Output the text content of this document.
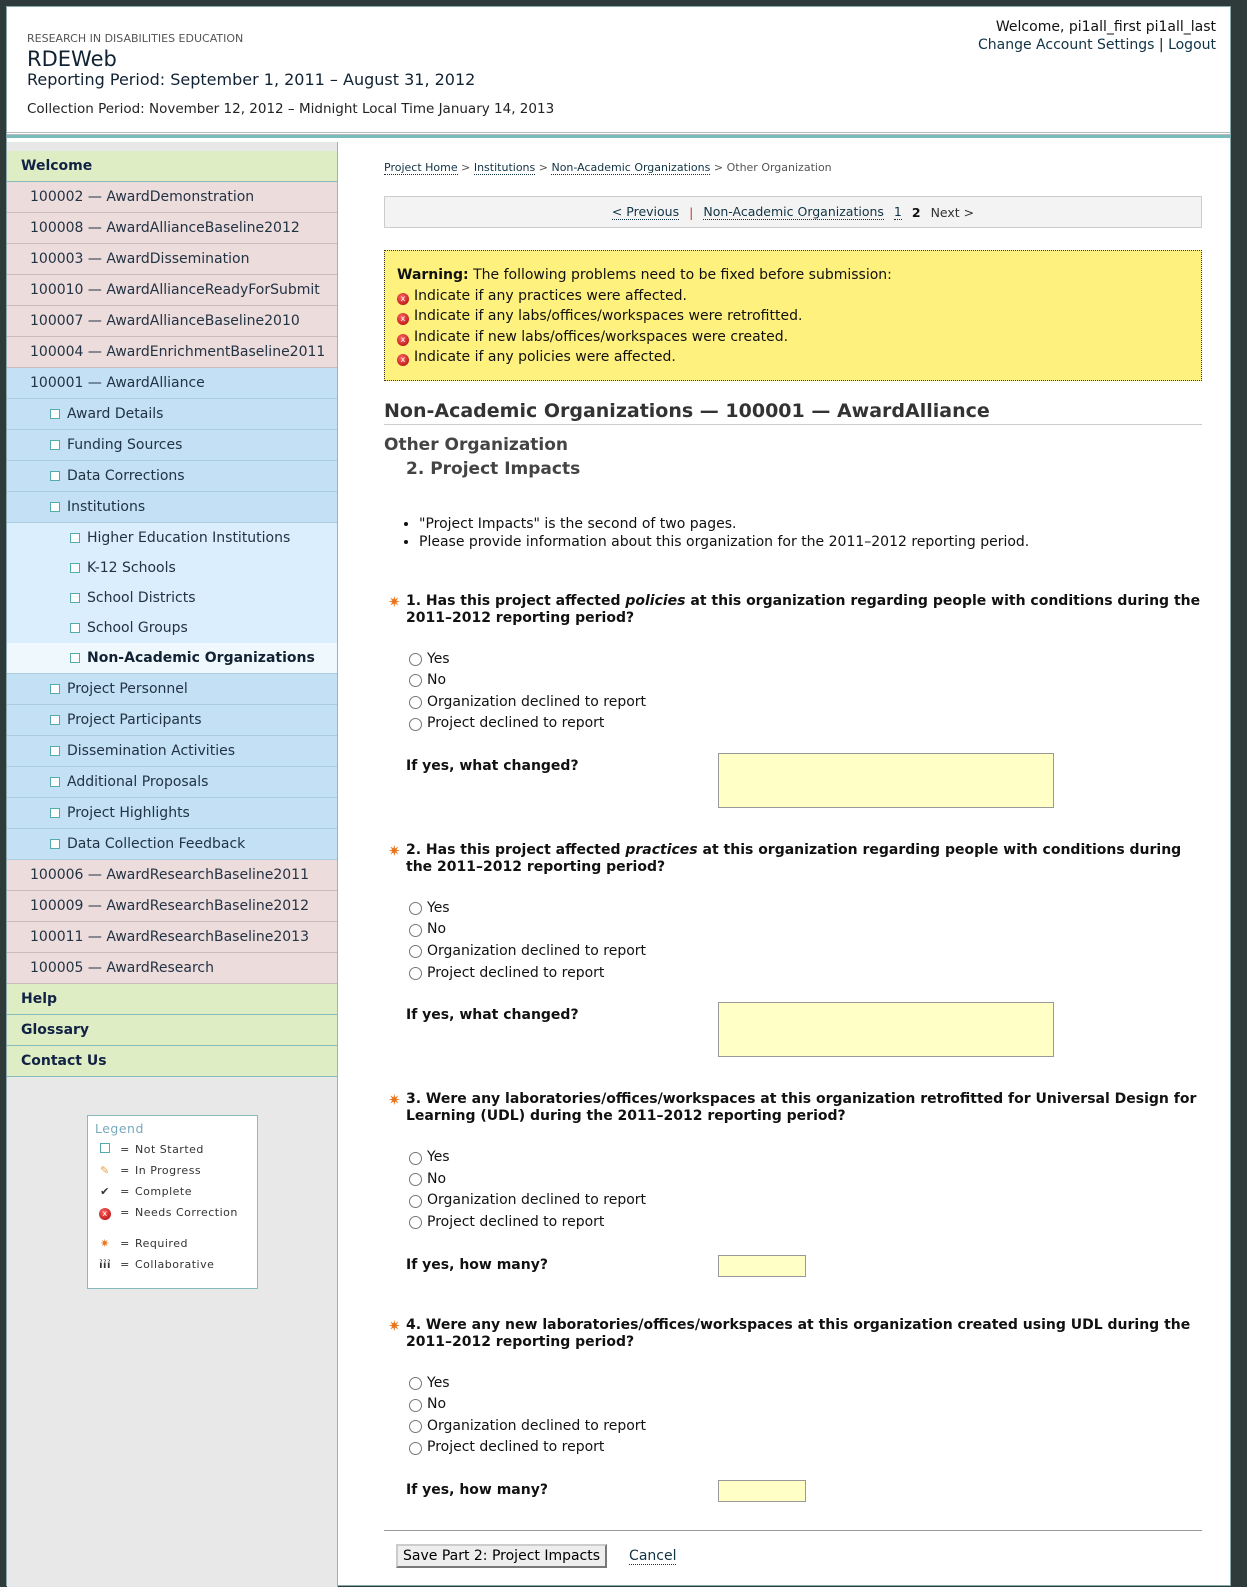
RESEARCH IN DISABILITIES EDUCATION
RDEWeb
Reporting Period: September 1, 2011 – August 31, 2012
Collection Period: November 12, 2012 – Midnight Local Time January 14, 2013
Welcome, pi1all_first pi1all_last
Change Account Settings | Logout
Welcome
100002 — AwardDemonstration
100008 — AwardAllianceBaseline2012
100003 — AwardDissemination
100010 — AwardAllianceReadyForSubmit
100007 — AwardAllianceBaseline2010
100004 — AwardEnrichmentBaseline2011
100001 — AwardAlliance
Award Details
Funding Sources
Data Corrections
Institutions
Higher Education Institutions
K-12 Schools
School Districts
School Groups
Non-Academic Organizations
Project Personnel
Project Participants
Dissemination Activities
Additional Proposals
Project Highlights
Data Collection Feedback
100006 — AwardResearchBaseline2011
100009 — AwardResearchBaseline2012
100011 — AwardResearchBaseline2013
100005 — AwardResearch
Help
Glossary
Contact Us
Legend
= Not Started
✎ = In Progress
✔ = Complete
x	= Needs Correction
✷ = Required
ỉỉỉ = Collaborative
Project Home > Institutions > Non-Academic Organizations > Other Organization
< Previous | Non-Academic Organizations 1 2 Next >
Warning: The following problems need to be fixed before submission:
x Indicate if any practices were affected.
x Indicate if any labs/offices/workspaces were retrofitted.
x Indicate if new labs/offices/workspaces were created.
x Indicate if any policies were affected.
Non-Academic Organizations — 100001 — AwardAlliance
Other Organization
2. Project Impacts
• "Project Impacts" is the second of two pages.
• Please provide information about this organization for the 2011–2012 reporting period.
✷ 1. Has this project affected policies at this organization regarding people with conditions during the 2011–2012 reporting period?
Yes
No
Organization declined to report
Project declined to report
If yes, what changed?
✷ 2. Has this project affected practices at this organization regarding people with conditions during the 2011–2012 reporting period?
Yes
No
Organization declined to report
Project declined to report
If yes, what changed?
✷ 3. Were any laboratories/offices/workspaces at this organization retrofitted for Universal Design for Learning (UDL) during the 2011–2012 reporting period?
Yes
No
Organization declined to report
Project declined to report
If yes, how many?
✷ 4. Were any new laboratories/offices/workspaces at this organization created using UDL during the 2011–2012 reporting period?
Yes
No
Organization declined to report
Project declined to report
If yes, how many?
Save Part 2: Project Impacts	Cancel
